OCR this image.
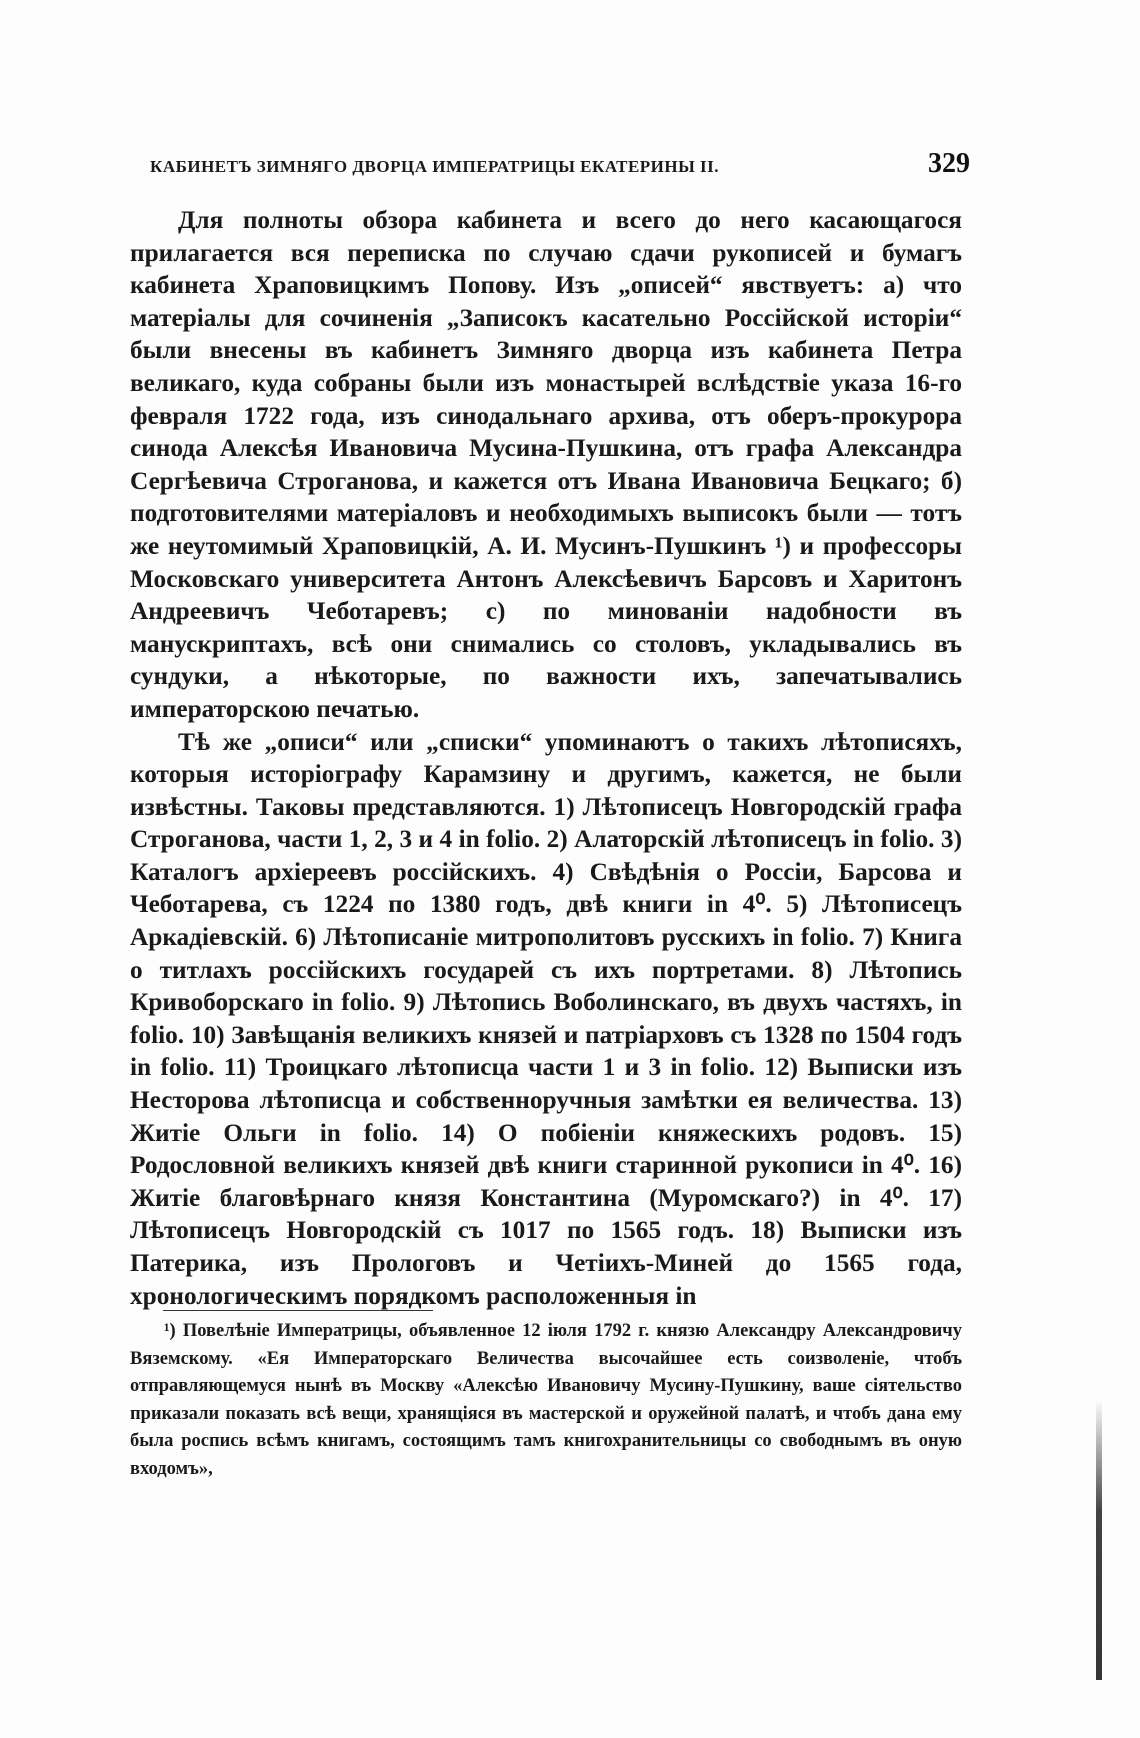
КАБИНЕТЪ ЗИМНЯГО ДВОРЦА ИМПЕРАТРИЦЫ ЕКАТЕРИНЫ II.	329

Для полноты обзора кабинета и всего до него касающагося прилагается вся переписка по случаю сдачи рукописей и бумагъ кабинета Храповицкимъ Попову. Изъ „описей“ явствуетъ: а) что матеріалы для сочиненія „Записокъ касательно Россійской исторіи“ были внесены въ кабинетъ Зимняго дворца изъ кабинета Петра великаго, куда собраны были изъ монастырей вслѣдствіе указа 16-го февраля 1722 года, изъ синодальнаго архива, отъ оберъ-прокурора синода Алексѣя Ивановича Мусина-Пушкина, отъ графа Александра Сергѣевича Строганова, и кажется отъ Ивана Ивановича Бецкаго; б) подготовителями матеріаловъ и необходимыхъ выписокъ были — тотъ же неутомимый Храповицкій, А. И. Мусинъ-Пушкинъ ¹) и профессоры Московскаго университета Антонъ Алексѣевичъ Барсовъ и Харитонъ Андреевичъ Чеботаревъ; с) по минованіи надобности въ манускриптахъ, всѣ они снимались со столовъ, укладывались въ сундуки, а нѣкоторые, по важности ихъ, запечатывались императорскою печатью.

Тѣ же „описи“ или „списки“ упоминаютъ о такихъ лѣтописяхъ, которыя исторіографу Карамзину и другимъ, кажется, не были извѣстны. Таковы представляются. 1) Лѣтописецъ Новгородскій графа Строганова, части 1, 2, 3 и 4 in folio. 2) Алаторскій лѣтописецъ in folio. 3) Каталогъ архіереевъ россійскихъ. 4) Свѣдѣнія о Россіи, Барсова и Чеботарева, съ 1224 по 1380 годъ, двѣ книги in 4⁰. 5) Лѣтописецъ Аркадіевскій. 6) Лѣтописаніе митрополитовъ русскихъ in folio. 7) Книга о титлахъ россійскихъ государей съ ихъ портретами. 8) Лѣтопись Кривоборскаго in folio. 9) Лѣтопись Воболинскаго, въ двухъ частяхъ, in folio. 10) Завѣщанія великихъ князей и патріарховъ съ 1328 по 1504 годъ in folio. 11) Троицкаго лѣтописца части 1 и 3 in folio. 12) Выписки изъ Несторова лѣтописца и собственноручныя замѣтки ея величества. 13) Житіе Ольги in folio. 14) О побіеніи княжескихъ родовъ. 15) Родословной великихъ князей двѣ книги старинной рукописи in 4⁰. 16) Житіе благовѣрнаго князя Константина (Муромскаго?) in 4⁰. 17) Лѣтописецъ Новгородскій съ 1017 по 1565 годъ. 18) Выписки изъ Патерика, изъ Прологовъ и Четіихъ-Миней до 1565 года, хронологическимъ порядкомъ расположенныя in

¹) Повелѣніе Императрицы, объявленное 12 іюля 1792 г. князю Александру Александровичу Вяземскому. «Ея Императорскаго Величества высочайшее есть соизволеніе, чтобъ отправляющемуся нынѣ въ Москву «Алексѣю Ивановичу Мусину-Пушкину, ваше сіятельство приказали показать всѣ вещи, хранящіяся въ мастерской и оружейной палатѣ, и чтобъ дана ему была роспись всѣмъ книгамъ, состоящимъ тамъ книгохранительницы со свободнымъ въ оную входомъ»,
